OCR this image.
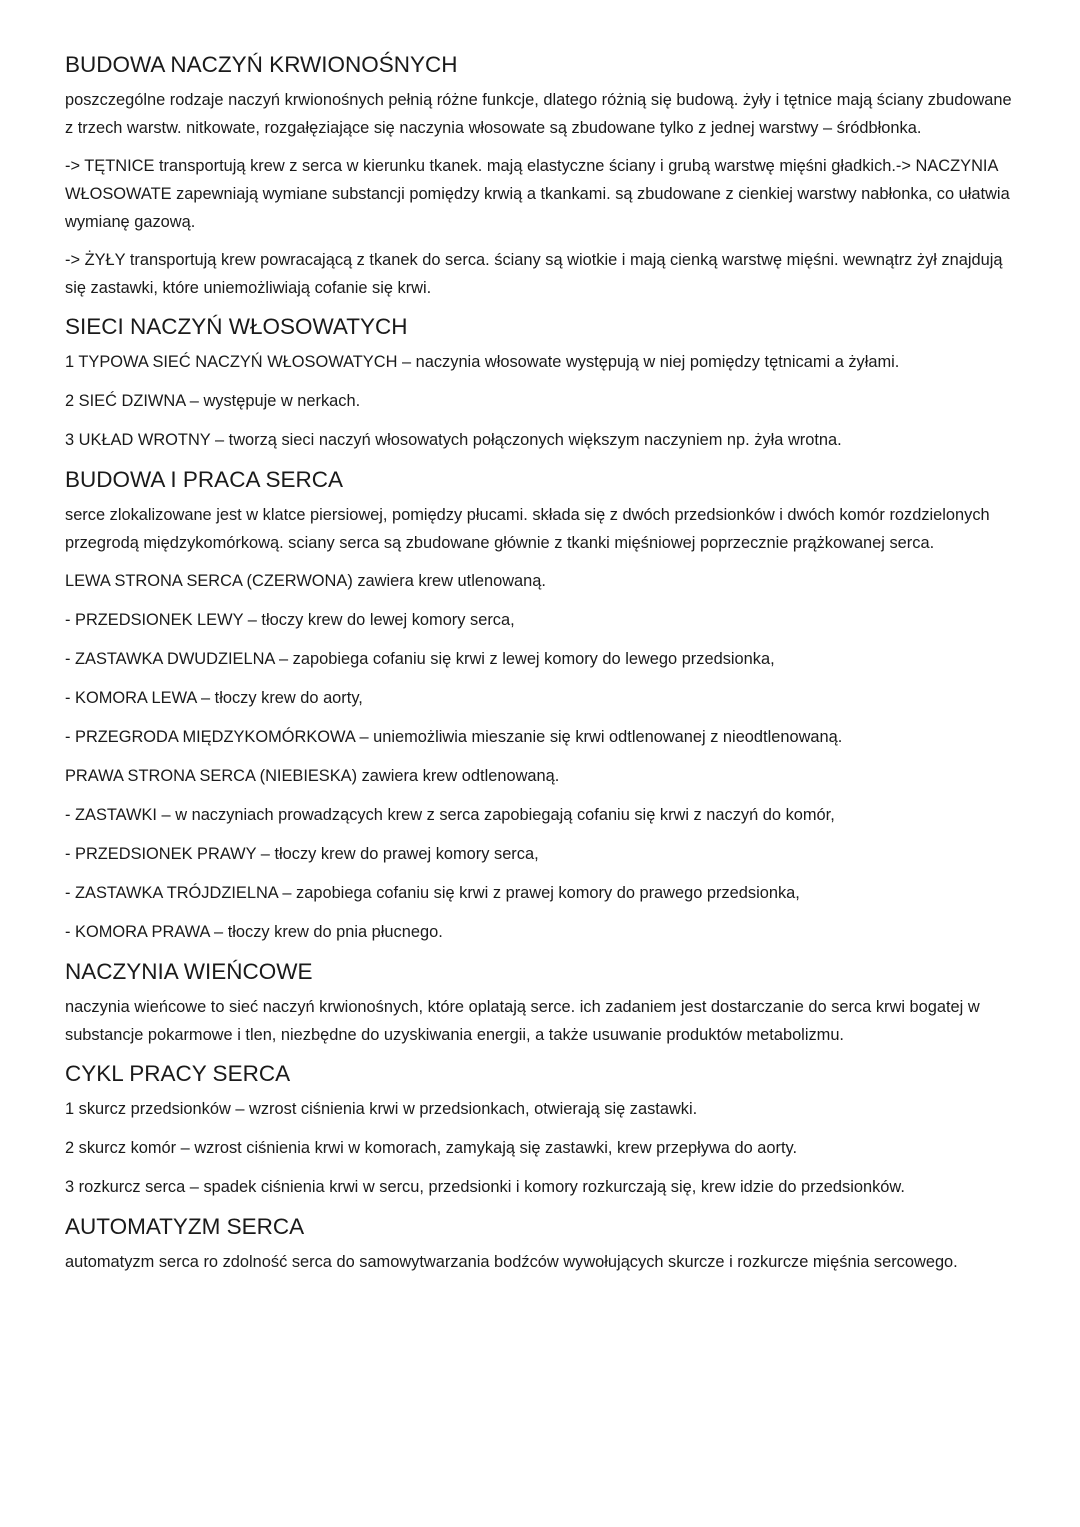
BUDOWA NACZYŃ KRWIONOŚNYCH

poszczególne rodzaje naczyń krwionośnych pełnią różne funkcje, dlatego różnią się budową. żyły i tętnice mają ściany zbudowane z trzech warstw. nitkowate, rozgałęziające się naczynia włosowate są zbudowane tylko z jednej warstwy – śródbłonka.

-> TĘTNICE transportują krew z serca w kierunku tkanek. mają elastyczne ściany i grubą warstwę mięśni gładkich.-> NACZYNIA WŁOSOWATE zapewniają wymiane substancji pomiędzy krwią a tkankami. są zbudowane z cienkiej warstwy nabłonka, co ułatwia wymianę gazową.

-> ŻYŁY transportują krew powracającą z tkanek do serca. ściany są wiotkie i mają cienką warstwę mięśni. wewnątrz żył znajdują się zastawki, które uniemożliwiają cofanie się krwi.

SIECI NACZYŃ WŁOSOWATYCH

1 TYPOWA SIEĆ NACZYŃ WŁOSOWATYCH – naczynia włosowate występują w niej pomiędzy tętnicami a żyłami.

2 SIEĆ DZIWNA – występuje w nerkach.

3 UKŁAD WROTNY – tworzą sieci naczyń włosowatych połączonych większym naczyniem np. żyła wrotna.

BUDOWA I PRACA SERCA

serce zlokalizowane jest w klatce piersiowej, pomiędzy płucami. składa się z dwóch przedsionków i dwóch komór rozdzielonych przegrodą międzykomórkową. sciany serca są zbudowane głównie z tkanki mięśniowej poprzecznie prążkowanej serca.

LEWA STRONA SERCA (CZERWONA) zawiera krew utlenowaną.

- PRZEDSIONEK LEWY – tłoczy krew do lewej komory serca,

- ZASTAWKA DWUDZIELNA – zapobiega cofaniu się krwi z lewej komory do lewego przedsionka,

- KOMORA LEWA – tłoczy krew do aorty,

- PRZEGRODA MIĘDZYKOMÓRKOWA – uniemożliwia mieszanie się krwi odtlenowanej z nieodtlenowaną.

PRAWA STRONA SERCA (NIEBIESKA) zawiera krew odtlenowaną.

- ZASTAWKI – w naczyniach prowadzących krew z serca zapobiegają cofaniu się krwi z naczyń do komór,

- PRZEDSIONEK PRAWY – tłoczy krew do prawej komory serca,

- ZASTAWKA TRÓJDZIELNA – zapobiega cofaniu się krwi z prawej komory do prawego przedsionka,

- KOMORA PRAWA – tłoczy krew do pnia płucnego.

NACZYNIA WIEŃCOWE

naczynia wieńcowe to sieć naczyń krwionośnych, które oplatają serce. ich zadaniem jest dostarczanie do serca krwi bogatej w substancje pokarmowe i tlen, niezbędne do uzyskiwania energii, a także usuwanie produktów metabolizmu.

CYKL PRACY SERCA

1 skurcz przedsionków – wzrost ciśnienia krwi w przedsionkach, otwierają się zastawki.

2 skurcz komór – wzrost ciśnienia krwi w komorach, zamykają się zastawki, krew przepływa do aorty.

3 rozkurcz serca – spadek ciśnienia krwi w sercu, przedsionki i komory rozkurczają się, krew idzie do przedsionków.

AUTOMATYZM SERCA

automatyzm serca ro zdolność serca do samowytwarzania bodźców wywołujących skurcze i rozkurcze mięśnia sercowego.
